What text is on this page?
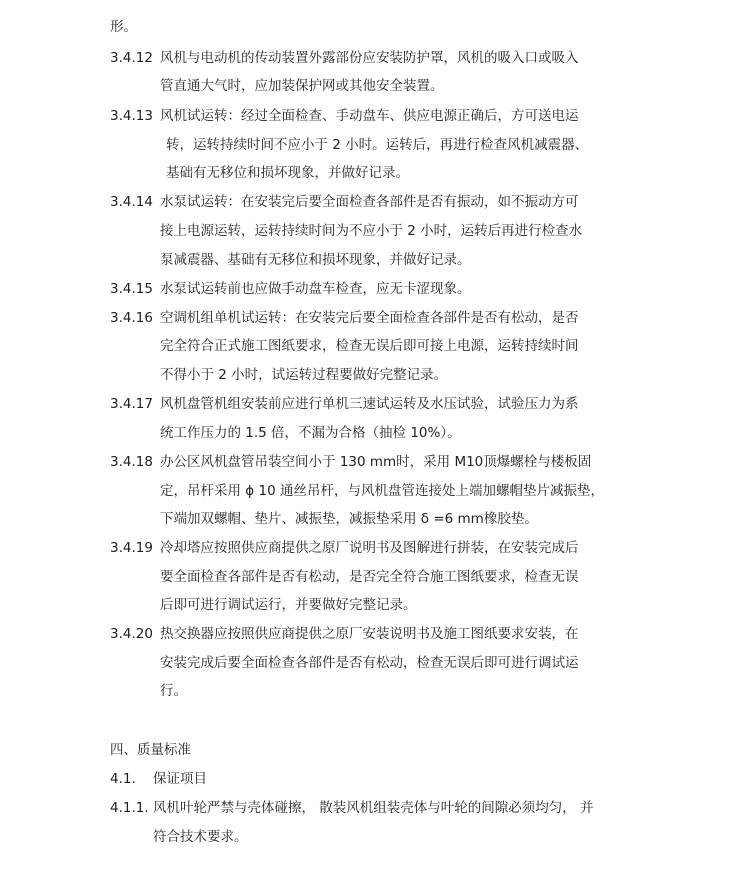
形。
3.4.12 风机与电动机的传动装置外露部份应安装防护罩，风机的吸入口或吸入
管直通大气时，应加装保护网或其他安全装置。
3.4.13 风机试运转：经过全面检查、手动盘车、供应电源正确后，方可送电运
转，运转持续时间不应小于 2 小时。运转后，再进行检查风机减震器、
基础有无移位和损坏现象，并做好记录。
3.4.14 水泵试运转：在安装完后要全面检查各部件是否有振动，如不振动方可
接上电源运转，运转持续时间为不应小于 2 小时，运转后再进行检查水
泵减震器、基础有无移位和损坏现象，并做好记录。
3.4.15 水泵试运转前也应做手动盘车检查，应无卡涩现象。
3.4.16 空调机组单机试运转：在安装完后要全面检查各部件是否有松动，是否
完全符合正式施工图纸要求，检查无误后即可接上电源，运转持续时间
不得小于 2 小时，试运转过程要做好完整记录。
3.4.17 风机盘管机组安装前应进行单机三速试运转及水压试验，试验压力为系
统工作压力的 1.5 倍，不漏为合格（抽检 10%）。
3.4.18 办公区风机盘管吊装空间小于 130 mm时，采用 M10顶爆螺栓与楼板固
定，吊杆采用 ϕ 10 通丝吊杆，与风机盘管连接处上端加螺帽垫片减振垫，
下端加双螺帽、垫片、减振垫，减振垫采用 δ =6 mm橡胶垫。
3.4.19 冷却塔应按照供应商提供之原厂说明书及图解进行拼装，在安装完成后
要全面检查各部件是否有松动，是否完全符合施工图纸要求，检查无误
后即可进行调试运行，并要做好完整记录。
3.4.20 热交换器应按照供应商提供之原厂安装说明书及施工图纸要求安装，在
安装完成后要全面检查各部件是否有松动，检查无误后即可进行调试运
行。
四、质量标准
4.1. 保证项目
4.1.1. 风机叶轮严禁与壳体碰擦， 散装风机组装壳体与叶轮的间隙必须均匀， 并
符合技术要求。
